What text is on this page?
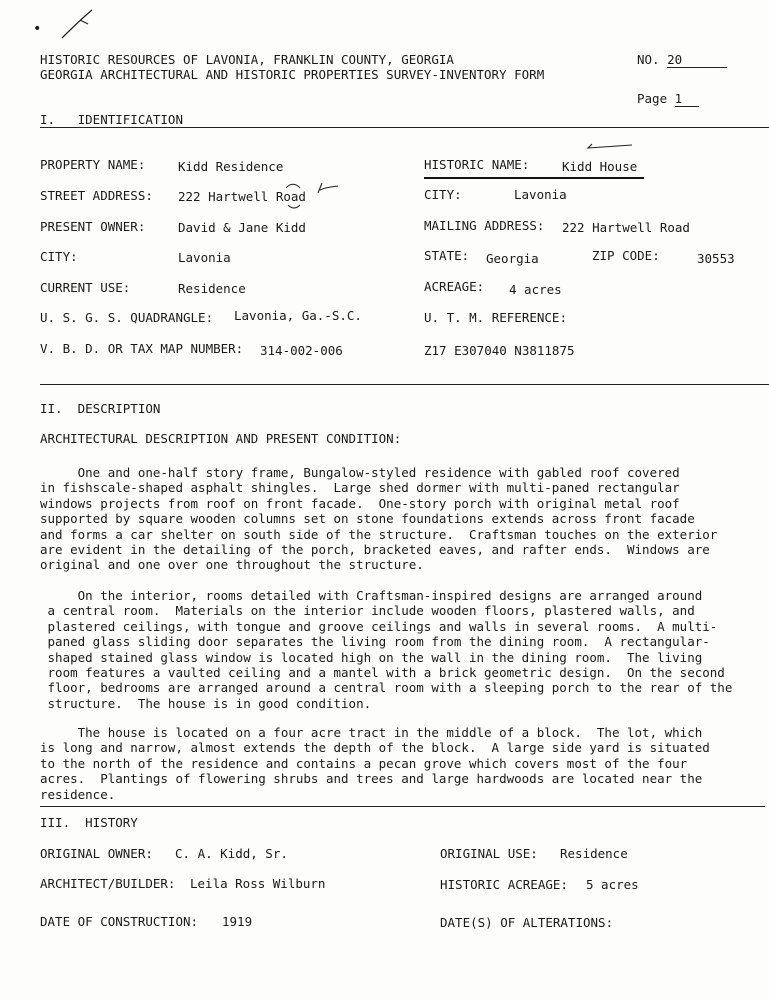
•
HISTORIC RESOURCES OF LAVONIA, FRANKLIN COUNTY, GEORGIA
GEORGIA ARCHITECTURAL AND HISTORIC PROPERTIES SURVEY-INVENTORY FORM
NO. 20
Page 1
I.   IDENTIFICATION
PROPERTY NAME:	Kidd Residence
STREET ADDRESS: 222 Hartwell Road
PRESENT OWNER:	David & Jane Kidd
CITY:	Lavonia
CURRENT USE:	Residence
U. S. G. S. QUADRANGLE: Lavonia, Ga.-S.C.
V. B. D. OR TAX MAP NUMBER: 314-002-006
HISTORIC NAME:	Kidd House
CITY:	Lavonia
MAILING ADDRESS: 222 Hartwell Road
STATE: Georgia	ZIP CODE:	30553
ACREAGE: 4 acres
U. T. M. REFERENCE:
Z17 E307040 N3811875
II.  DESCRIPTION
ARCHITECTURAL DESCRIPTION AND PRESENT CONDITION:
One and one-half story frame, Bungalow-styled residence with gabled roof covered
in fishscale-shaped asphalt shingles.  Large shed dormer with multi-paned rectangular
windows projects from roof on front facade.  One-story porch with original metal roof
supported by square wooden columns set on stone foundations extends across front facade
and forms a car shelter on south side of the structure.  Craftsman touches on the exterior
are evident in the detailing of the porch, bracketed eaves, and rafter ends.  Windows are
original and one over one throughout the structure.
On the interior, rooms detailed with Craftsman-inspired designs are arranged around
a central room.  Materials on the interior include wooden floors, plastered walls, and
plastered ceilings, with tongue and groove ceilings and walls in several rooms.  A multi-
paned glass sliding door separates the living room from the dining room.  A rectangular-
shaped stained glass window is located high on the wall in the dining room.  The living
room features a vaulted ceiling and a mantel with a brick geometric design.  On the second
floor, bedrooms are arranged around a central room with a sleeping porch to the rear of the
structure.  The house is in good condition.
The house is located on a four acre tract in the middle of a block.  The lot, which
is long and narrow, almost extends the depth of the block.  A large side yard is situated
to the north of the residence and contains a pecan grove which covers most of the four
acres.  Plantings of flowering shrubs and trees and large hardwoods are located near the
residence.
III.  HISTORY
ORIGINAL OWNER: C. A. Kidd, Sr.
ARCHITECT/BUILDER: Leila Ross Wilburn
DATE OF CONSTRUCTION: 1919
ORIGINAL USE: Residence
HISTORIC ACREAGE: 5 acres
DATE(S) OF ALTERATIONS:
